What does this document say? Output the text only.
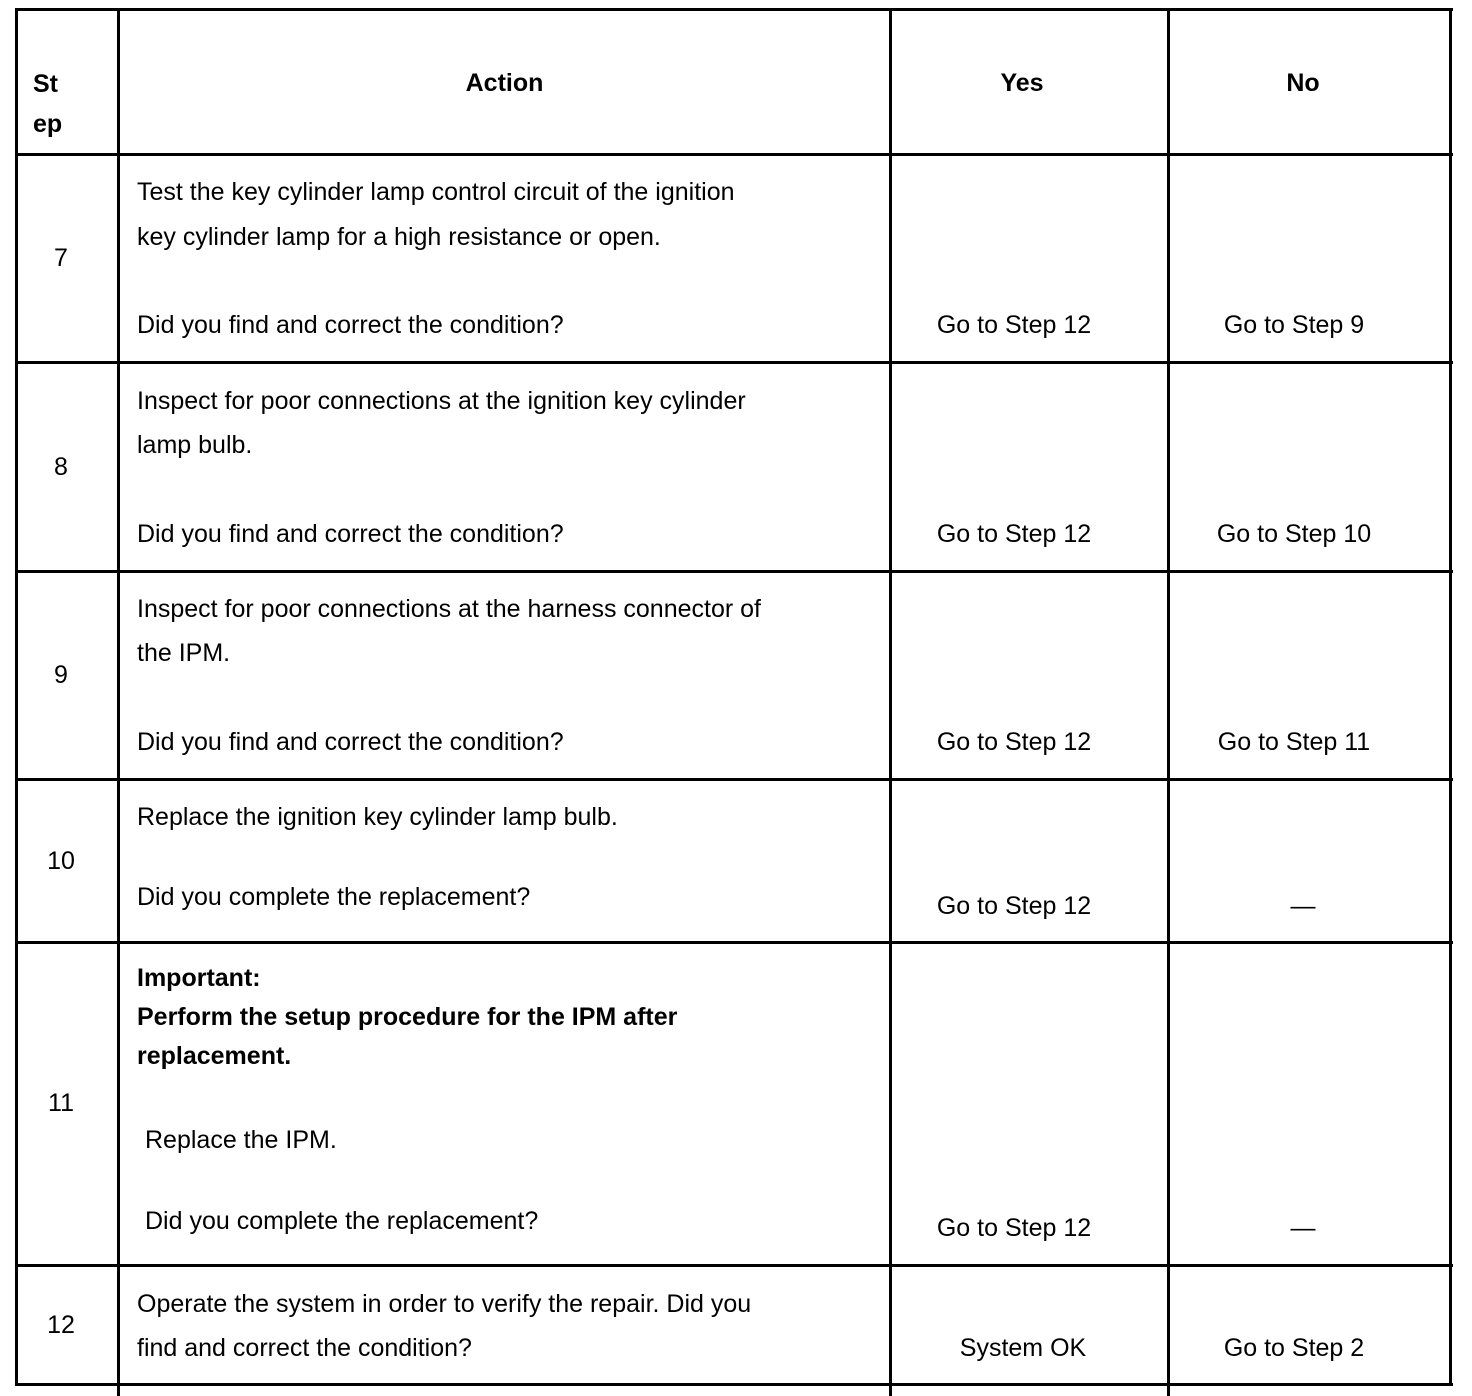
St
ep
Action	Yes	No
7
Test the key cylinder lamp control circuit of the ignition
key cylinder lamp for a high resistance or open.
Did you find and correct the condition?	Go to Step 12	Go to Step 9
8
Inspect for poor connections at the ignition key cylinder
lamp bulb.
Did you find and correct the condition?	Go to Step 12	Go to Step 10
9
Inspect for poor connections at the harness connector of
the IPM.
Did you find and correct the condition?	Go to Step 12	Go to Step 11
10
Replace the ignition key cylinder lamp bulb.
Did you complete the replacement?	Go to Step 12	—
11
Important:
Perform the setup procedure for the IPM after
replacement.
Replace the IPM.
Did you complete the replacement?	Go to Step 12	—
12
Operate the system in order to verify the repair. Did you
find and correct the condition?	System OK	Go to Step 2
